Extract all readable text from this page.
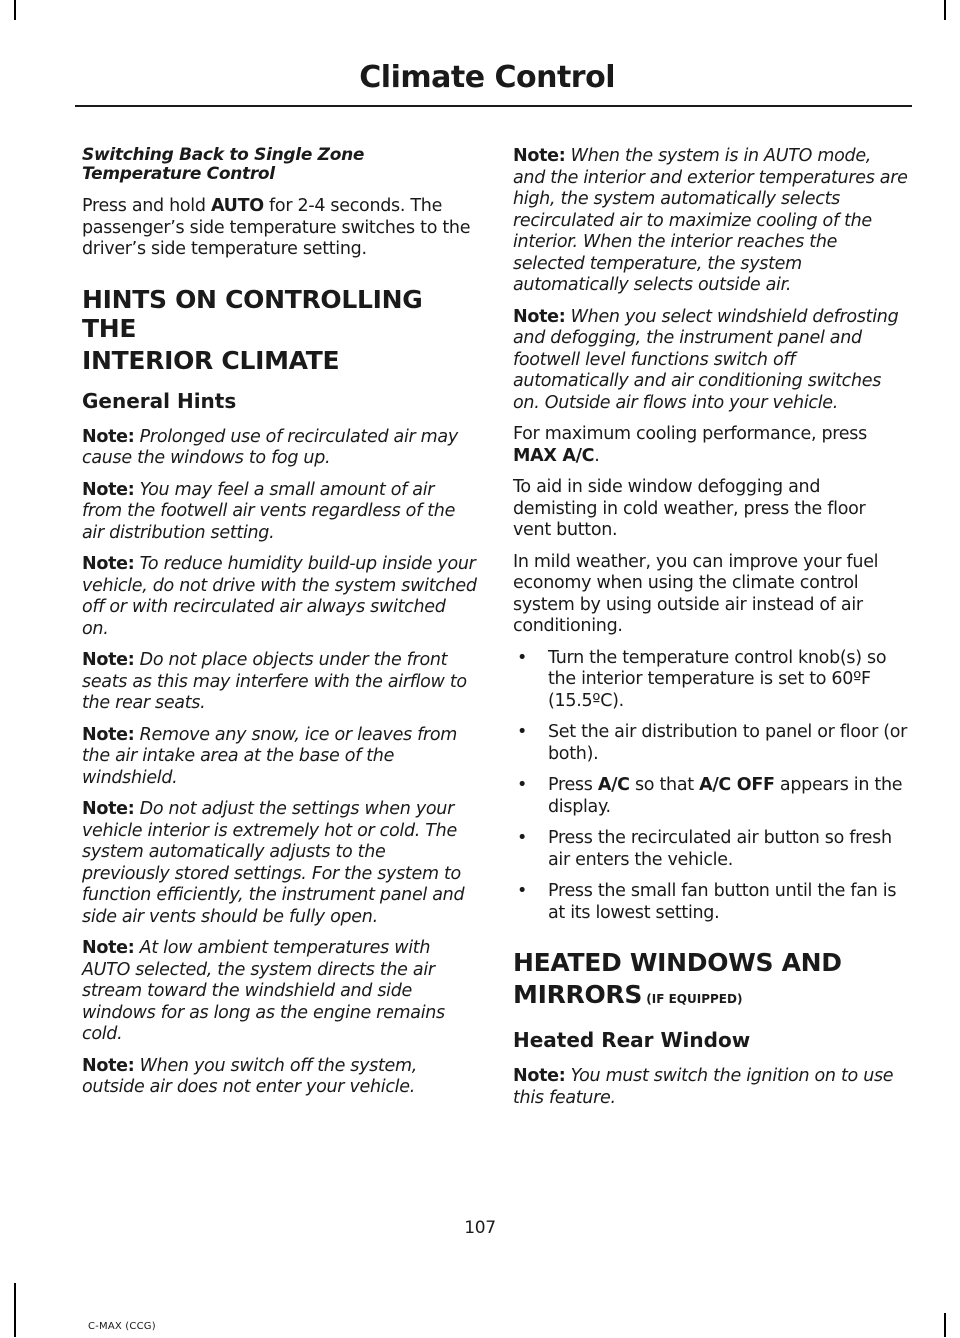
Climate Control

Switching Back to Single Zone Temperature Control

Press and hold AUTO for 2-4 seconds. The passenger’s side temperature switches to the driver’s side temperature setting.

HINTS ON CONTROLLING THE
INTERIOR CLIMATE
General Hints

Note: Prolonged use of recirculated air may cause the windows to fog up.

Note: You may feel a small amount of air from the footwell air vents regardless of the air distribution setting.

Note: To reduce humidity build-up inside your vehicle, do not drive with the system switched off or with recirculated air always switched on.

Note: Do not place objects under the front seats as this may interfere with the airflow to the rear seats.

Note: Remove any snow, ice or leaves from the air intake area at the base of the windshield.

Note: Do not adjust the settings when your vehicle interior is extremely hot or cold. The system automatically adjusts to the previously stored settings. For the system to function efficiently, the instrument panel and side air vents should be fully open.

Note: At low ambient temperatures with AUTO selected, the system directs the air stream toward the windshield and side windows for as long as the engine remains cold.

Note: When you switch off the system, outside air does not enter your vehicle.

Note: When the system is in AUTO mode, and the interior and exterior temperatures are high, the system automatically selects recirculated air to maximize cooling of the interior. When the interior reaches the selected temperature, the system automatically selects outside air.

Note: When you select windshield defrosting and defogging, the instrument panel and footwell level functions switch off automatically and air conditioning switches on. Outside air flows into your vehicle.

For maximum cooling performance, press MAX A/C.

To aid in side window defogging and demisting in cold weather, press the floor vent button.

In mild weather, you can improve your fuel economy when using the climate control system by using outside air instead of air conditioning.

• Turn the temperature control knob(s) so the interior temperature is set to 60ºF (15.5ºC).
• Set the air distribution to panel or floor (or both).
• Press A/C so that A/C OFF appears in the display.
• Press the recirculated air button so fresh air enters the vehicle.
• Press the small fan button until the fan is at its lowest setting.
HEATED WINDOWS AND
MIRRORS (IF EQUIPPED)
Heated Rear Window

Note: You must switch the ignition on to use this feature.

107

C-MAX (CCG)
